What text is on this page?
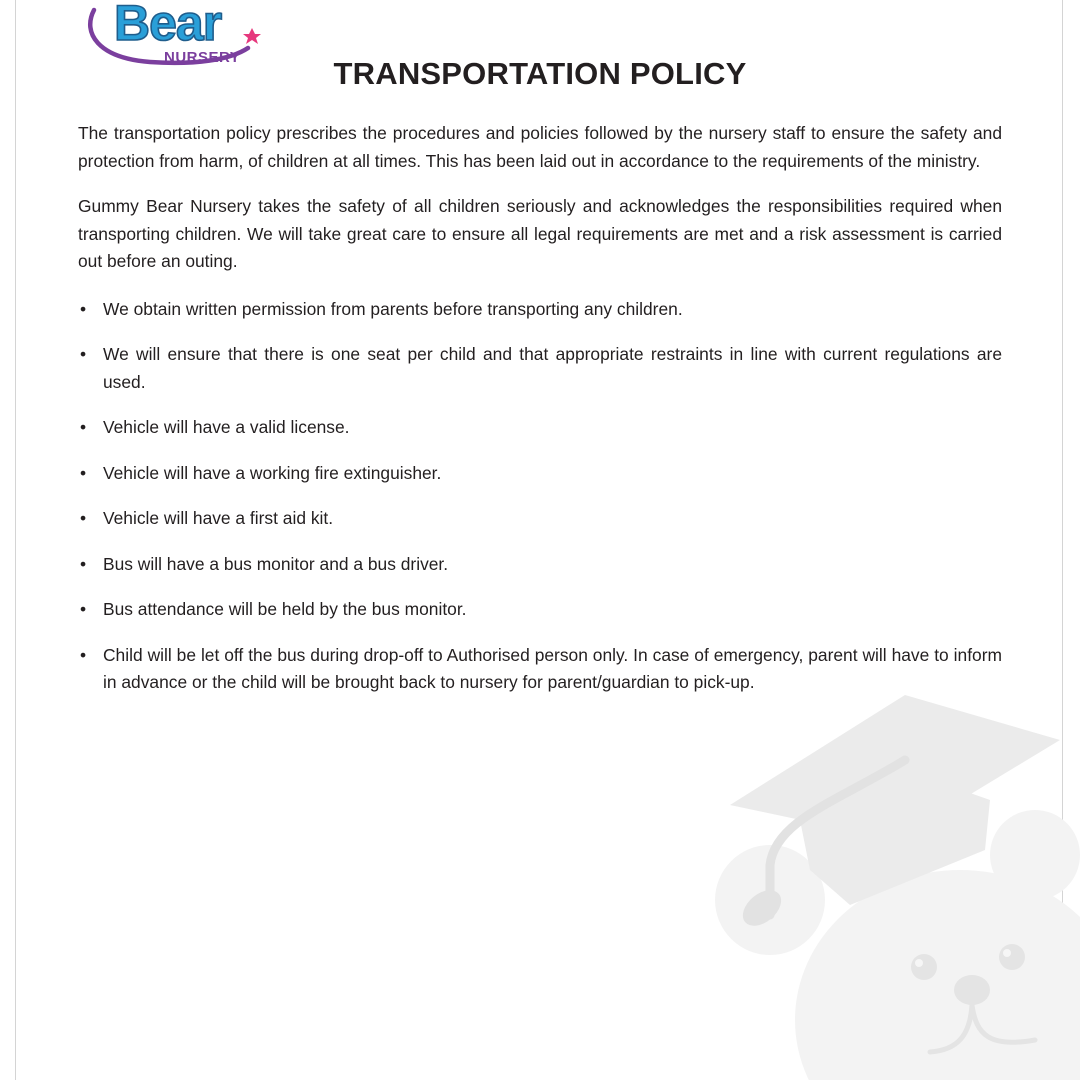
Bear
NURSERY	TRANSPORTATION POLICY

The transportation policy prescribes the procedures and policies followed by the nursery staff to ensure the safety and protection from harm, of children at all times. This has been laid out in accordance to the requirements of the ministry.

Gummy Bear Nursery takes the safety of all children seriously and acknowledges the responsibilities required when transporting children. We will take great care to ensure all legal requirements are met and a risk assessment is carried out before an outing.

• We obtain written permission from parents before transporting any children.
• We will ensure that there is one seat per child and that appropriate restraints in line with current regulations are used.
• Vehicle will have a valid license.
• Vehicle will have a working fire extinguisher.
• Vehicle will have a first aid kit.
• Bus will have a bus monitor and a bus driver.
• Bus attendance will be held by the bus monitor.
• Child will be let off the bus during drop-off to Authorised person only. In case of emergency, parent will have to inform in advance or the child will be brought back to nursery for parent/guardian to pick-up.
